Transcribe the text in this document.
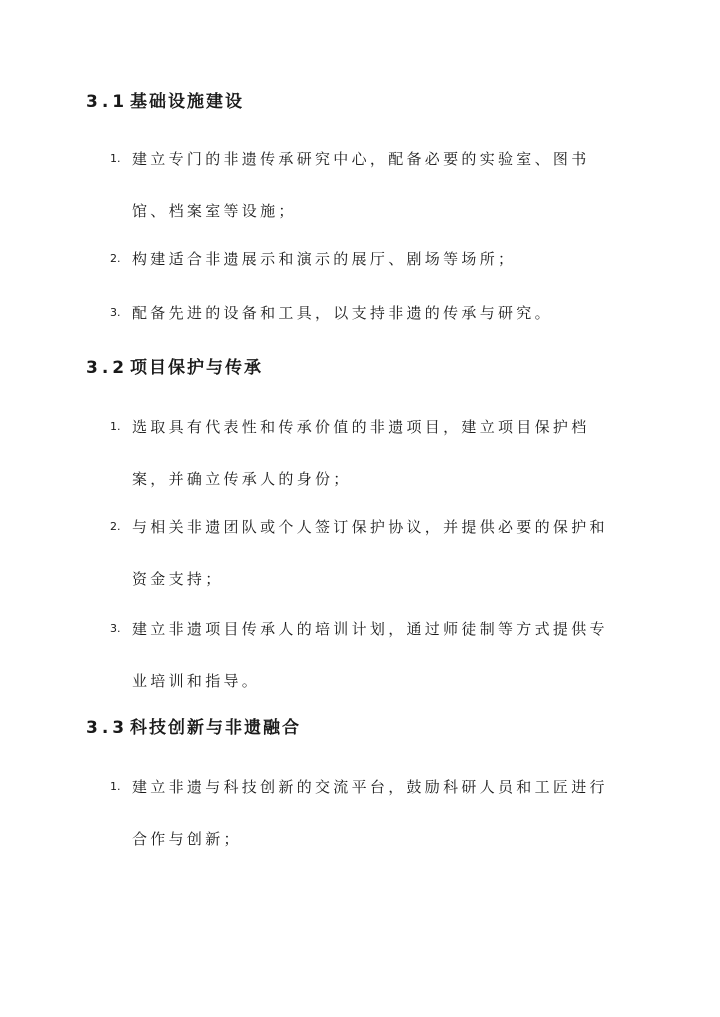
3.1 基础设施建设
1. 建立专门的非遗传承研究中心，配备必要的实验室、图书馆、档案室等设施；
2. 构建适合非遗展示和演示的展厅、剧场等场所；
3. 配备先进的设备和工具，以支持非遗的传承与研究。
3.2 项目保护与传承
1. 选取具有代表性和传承价值的非遗项目，建立项目保护档案，并确立传承人的身份；
2. 与相关非遗团队或个人签订保护协议，并提供必要的保护和资金支持；
3. 建立非遗项目传承人的培训计划，通过师徒制等方式提供专业培训和指导。
3.3 科技创新与非遗融合
1. 建立非遗与科技创新的交流平台，鼓励科研人员和工匠进行合作与创新；
